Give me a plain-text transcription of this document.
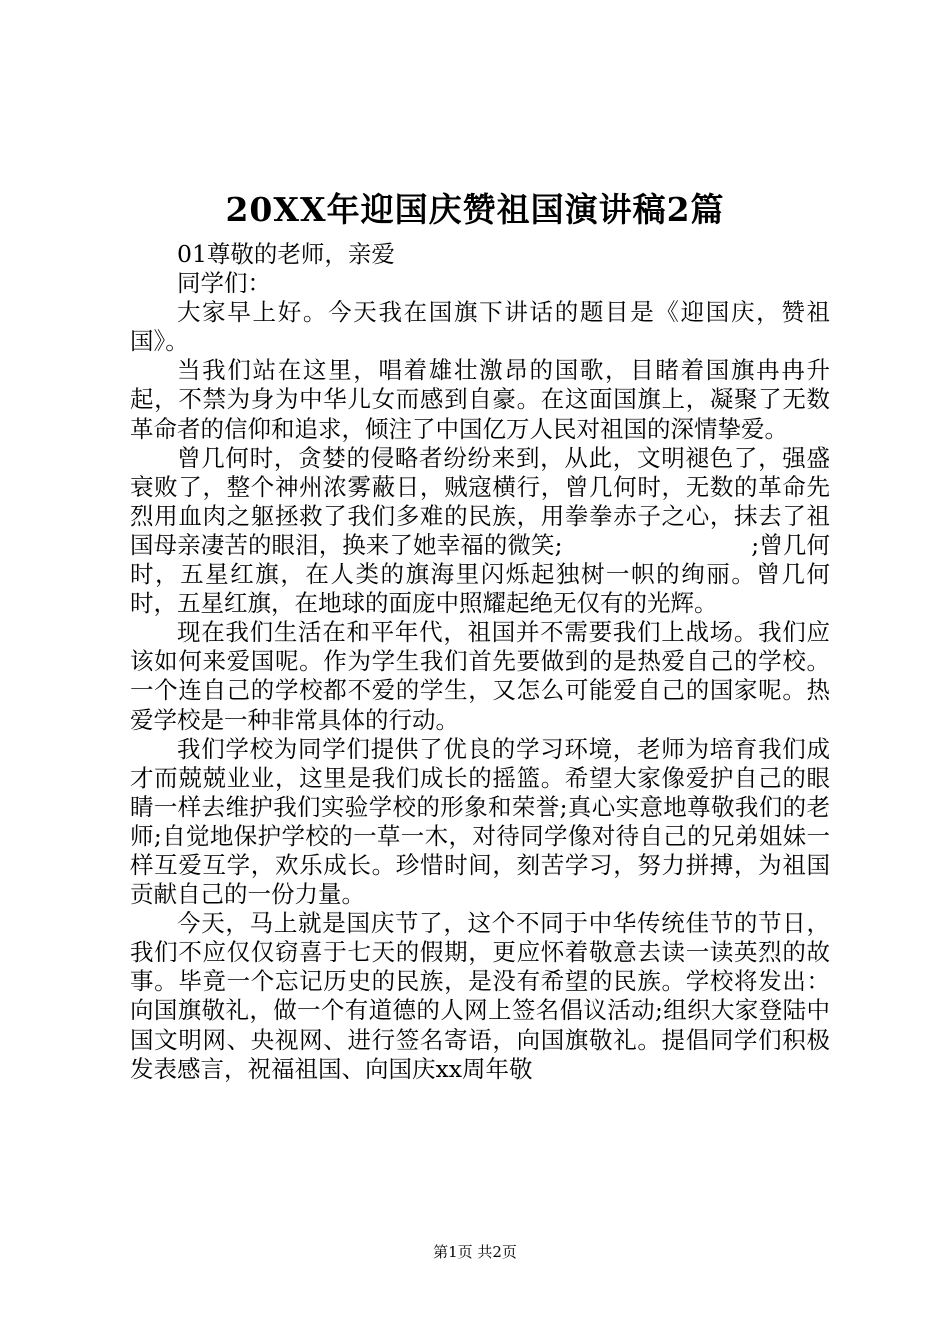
20XX年迎国庆赞祖国演讲稿2篇

01尊敬的老师，亲爱

同学们：

大家早上好。今天我在国旗下讲话的题目是《迎国庆，赞祖国》。

当我们站在这里，唱着雄壮激昂的国歌，目睹着国旗冉冉升起，不禁为身为中华儿女而感到自豪。在这面国旗上，凝聚了无数革命者的信仰和追求，倾注了中国亿万人民对祖国的深情挚爱。

曾几何时，贪婪的侵略者纷纷来到，从此，文明褪色了，强盛衰败了，整个神州浓雾蔽日，贼寇横行，曾几何时，无数的革命先烈用血肉之躯拯救了我们多难的民族，用拳拳赤子之心，抹去了祖国母亲凄苦的眼泪，换来了她幸福的微笑;　　　　　　　　;曾几何时，五星红旗，在人类的旗海里闪烁起独树一帜的绚丽。曾几何时，五星红旗，在地球的面庞中照耀起绝无仅有的光辉。

现在我们生活在和平年代，祖国并不需要我们上战场。我们应该如何来爱国呢。作为学生我们首先要做到的是热爱自己的学校。一个连自己的学校都不爱的学生，又怎么可能爱自己的国家呢。热爱学校是一种非常具体的行动。

我们学校为同学们提供了优良的学习环境，老师为培育我们成才而兢兢业业，这里是我们成长的摇篮。希望大家像爱护自己的眼睛一样去维护我们实验学校的形象和荣誉;真心实意地尊敬我们的老师;自觉地保护学校的一草一木，对待同学像对待自己的兄弟姐妹一样互爱互学，欢乐成长。珍惜时间，刻苦学习，努力拼搏，为祖国贡献自己的一份力量。

今天，马上就是国庆节了，这个不同于中华传统佳节的节日，我们不应仅仅窃喜于七天的假期，更应怀着敬意去读一读英烈的故事。毕竟一个忘记历史的民族，是没有希望的民族。学校将发出：向国旗敬礼，做一个有道德的人网上签名倡议活动;组织大家登陆中国文明网、央视网、进行签名寄语，向国旗敬礼。提倡同学们积极发表感言，祝福祖国、向国庆xx周年敬

第1页 共2页
